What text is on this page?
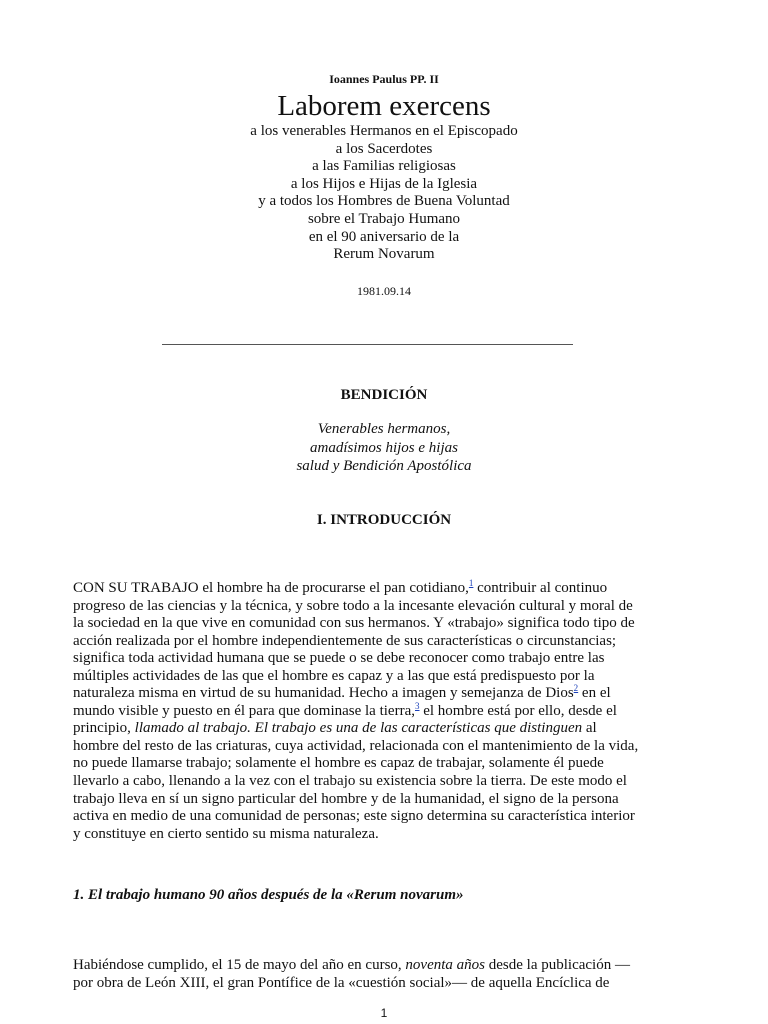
Ioannes Paulus PP. II
Laborem exercens
a los venerables Hermanos en el Episcopado
a los Sacerdotes
a las Familias religiosas
a los Hijos e Hijas de la Iglesia
y a todos los Hombres de Buena Voluntad
sobre el Trabajo Humano
en el 90 aniversario de la
Rerum Novarum
1981.09.14
BENDICIÓN
Venerables hermanos,
amadísimos hijos e hijas
salud y Bendición Apostólica
I. INTRODUCCIÓN
CON SU TRABAJO el hombre ha de procurarse el pan cotidiano,$^1$ contribuir al continuo
progreso de las ciencias y la técnica, y sobre todo a la incesante elevación cultural y moral de
la sociedad en la que vive en comunidad con sus hermanos. Y «trabajo» significa todo tipo de
acción realizada por el hombre independientemente de sus características o circunstancias;
significa toda actividad humana que se puede o se debe reconocer como trabajo entre las
múltiples actividades de las que el hombre es capaz y a las que está predispuesto por la
naturaleza misma en virtud de su humanidad. Hecho a imagen y semejanza de Dios$^2$ en el
mundo visible y puesto en él para que dominase la tierra,$^3$ el hombre está por ello, desde el
principio, llamado al trabajo. El trabajo es una de las características que distinguen al
hombre del resto de las criaturas, cuya actividad, relacionada con el mantenimiento de la vida,
no puede llamarse trabajo; solamente el hombre es capaz de trabajar, solamente él puede
llevarlo a cabo, llenando a la vez con el trabajo su existencia sobre la tierra. De este modo el
trabajo lleva en sí un signo particular del hombre y de la humanidad, el signo de la persona
activa en medio de una comunidad de personas; este signo determina su característica interior
y constituye en cierto sentido su misma naturaleza.
1. El trabajo humano 90 años después de la «Rerum novarum»
Habiéndose cumplido, el 15 de mayo del año en curso, noventa años desde la publicación —
por obra de León XIII, el gran Pontífice de la «cuestión social»— de aquella Encíclica de
1
